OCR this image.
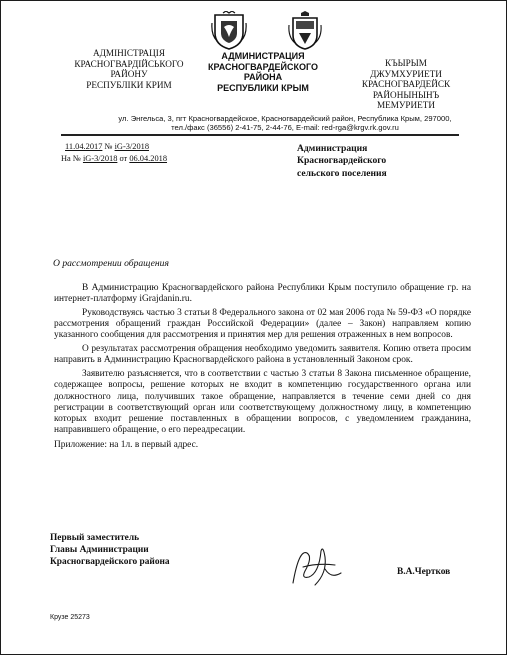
АДМІНІСТРАЦІЯ
КРАСНОГВАРДІЙСЬКОГО
РАЙОНУ
РЕСПУБЛІКИ КРИМ
АДМИНИСТРАЦИЯ
КРАСНОГВАРДЕЙСКОГО
РАЙОНА
РЕСПУБЛИКИ КРЫМ
КЪЫРЫМ
ДЖУМХУРИЕТИ
КРАСНОГВАРДЕЙСК
РАЙОНЫНЫНЪ
МЕМУРИЕТИ
ул. Энгельса, 3, пгт Красногвардейское, Красногвардейский район, Республика Крым, 297000,
тел./факс (36556) 2-41-75, 2-44-76, E-mail: red-rga@krgv.rk.gov.ru
11.04.2017 № iG-3/2018
На № iG-3/2018 от 06.04.2018
Администрация
Красногвардейского
сельского поселения
О рассмотрении обращения

В Администрацию Красногвардейского района Республики Крым поступило обращение гр. на интернет-платформу iGrajdanin.ru.

Руководствуясь частью 3 статьи 8 Федерального закона от 02 мая 2006 года № 59-ФЗ «О порядке рассмотрения обращений граждан Российской Федерации» (далее – Закон) направляем копию указанного сообщения для рассмотрения и принятия мер для решения отраженных в нем вопросов.

О результатах рассмотрения обращения необходимо уведомить заявителя. Копию ответа просим направить в Администрацию Красногвардейского района в установленный Законом срок.

Заявителю разъясняется, что в соответствии с частью 3 статьи 8 Закона письменное обращение, содержащее вопросы, решение которых не входит в компетенцию государственного органа или должностного лица, получивших такое обращение, направляется в течение семи дней со дня регистрации в соответствующий орган или соответствующему должностному лицу, в компетенцию которых входит решение поставленных в обращении вопросов, с уведомлением гражданина, направившего обращение, о его переадресации.

Приложение: на 1л. в первый адрес.

Первый заместитель
Главы Администрации
Красногвардейского района
В.А.Чертков
Крузе 25273
